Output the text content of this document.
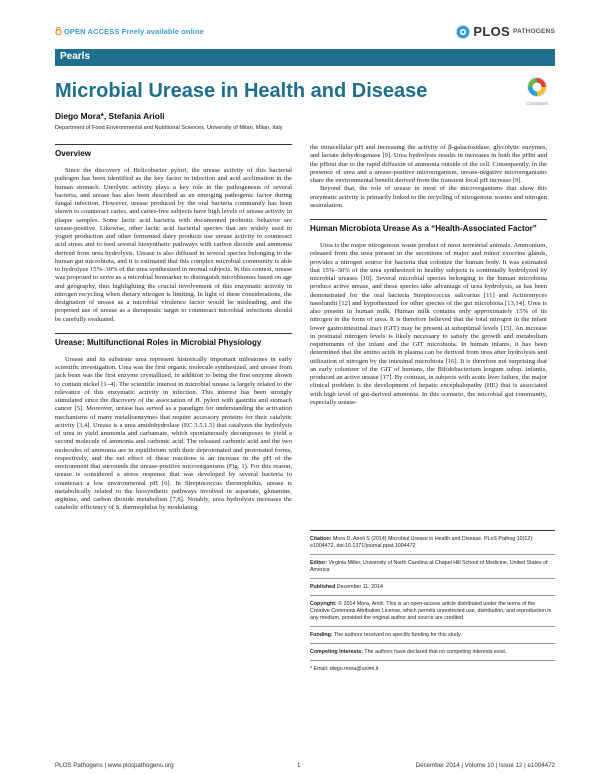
OPEN ACCESS Freely available online	PLOS PATHOGENS
Pearls
Microbial Urease in Health and Disease
CrossMark
Diego Mora*, Stefania Arioli
Department of Food Environmental and Nutritional Sciences, University of Milan, Milan, Italy
Overview

Since the discovery of Helicobacter pylori, the urease activity of this bacterial pathogen has been identified as the key factor in infection and acid acclimation in the human stomach. Ureolytic activity plays a key role in the pathogenesis of several bacteria, and urease has also been described as an emerging pathogenic factor during fungal infection. However, urease produced by the oral bacteria community has been shown to counteract caries, and caries-free subjects have high levels of urease activity in plaque samples. Some lactic acid bacteria with documented probiotic behavior are urease-positive. Likewise, other lactic acid bacterial species that are widely used in yogurt production and other fermented dairy products use urease activity to counteract acid stress and to feed several biosynthetic pathways with carbon dioxide and ammonia derived from urea hydrolysis. Urease is also diffused in several species belonging to the human gut microbiota, and it is estimated that this complex microbial community is able to hydrolyze 15%–30% of the urea synthesized in normal subjects. In this context, urease was proposed to serve as a microbial biomarker to distinguish microbiomes based on age and geography, thus highlighting the crucial involvement of this enzymatic activity in nitrogen recycling when dietary nitrogen is limiting. In light of these considerations, the designation of urease as a microbial virulence factor would be misleading, and the proposed use of urease as a therapeutic target to counteract microbial infections should be carefully evaluated.

Urease: Multifunctional Roles in Microbial Physiology

Urease and its substrate urea represent historically important milestones in early scientific investigation. Urea was the first organic molecule synthesized, and urease from jack bean was the first enzyme crystallized, in addition to being the first enzyme shown to contain nickel [1–4]. The scientific interest in microbial urease is largely related to the relevance of this enzymatic activity in infection. This interest has been strongly stimulated since the discovery of the association of H. pylori with gastritis and stomach cancer [5]. Moreover, urease has served as a paradigm for understanding the activation mechanisms of many metalloenzymes that require accessory proteins for their catalytic activity [3,4]. Urease is a urea amidohydrolase (EC 3.5.1.5) that catalyzes the hydrolysis of urea to yield ammonia and carbamate, which spontaneously decomposes to yield a second molecule of ammonia and carbonic acid. The released carbonic acid and the two molecules of ammonia are in equilibrium with their deprotonated and protonated forms, respectively, and the net effect of these reactions is an increase in the pH of the environment that surrounds the urease-positive microorganisms (Fig. 1). For this reason, urease is considered a stress response that was developed by several bacteria to counteract a low environmental pH [6]. In Streptococcus thermophilus, urease is metabolically related to the biosynthetic pathways involved in aspartate, glutamine, arginine, and carbon dioxide metabolism [7,8]. Notably, urea hydrolysis increases the catabolic efficiency of S. thermophilus by modulating

the intracellular pH and increasing the activity of β-galactosidase, glycolytic enzymes, and lactate dehydrogenase [9]. Urea hydrolysis results in increases in both the pHin and the pHout due to the rapid diffusion of ammonia outside of the cell. Consequently, in the presence of urea and a urease-positive microorganism, urease-negative microorganisms share the environmental benefit derived from the transient local pH increase [9].

Beyond that, the role of urease in most of the microorganisms that show this enzymatic activity is primarily linked to the recycling of nitrogenous wastes and nitrogen assimilation.

Human Microbiota Urease As a “Health-Associated Factor”

Urea is the major nitrogenous waste product of most terrestrial animals. Ammonium, released from the urea present in the secretions of major and minor exocrine glands, provides a nitrogen source for bacteria that colonize the human body. It was estimated that 15%–30% of the urea synthesized in healthy subjects is continually hydrolyzed by microbial ureases [10]. Several microbial species belonging to the human microbiota produce active urease, and these species take advantage of urea hydrolysis, as has been demonstrated for the oral bacteria Streptococcus salivarius [11] and Actinomyces naeslundii [12] and hypothesized for other species of the gut microbiota [13,14]. Urea is also present in human milk. Human milk contains only approximately 15% of its nitrogen in the form of urea. It is therefore believed that the total nitrogen in the infant lower gastrointestinal tract (GIT) may be present at suboptimal levels [15]. An increase in postnatal nitrogen levels is likely necessary to satisfy the growth and metabolism requirements of the infant and the GIT microbiota. In human infants, it has been determined that the amino acids in plasma can be derived from urea after hydrolysis and utilization of nitrogen by the intestinal microbiota [16]. It is therefore not surprising that an early colonizer of the GIT of humans, the Bifidobacterium longum subsp. infantis, produced an active urease [17]. By contrast, in subjects with acute liver failure, the major clinical problem is the development of hepatic encephalopathy (HE) that is associated with high level of gut-derived ammonia. In this scenario, the microbial gut community, especially urease-

Citation: Mora D, Arioli S (2014) Microbial Urease in Health and Disease. PLoS Pathog 10(12): e1004472. doi:10.1371/journal.ppat.1004472
Editor: Virginia Miller, University of North Carolina at Chapel Hill School of Medicine, United States of America
Published December 11, 2014
Copyright: © 2014 Mora, Arioli. This is an open-access article distributed under the terms of the Creative Commons Attribution License, which permits unrestricted use, distribution, and reproduction in any medium, provided the original author and source are credited.
Funding: The authors received no specific funding for this study.
Competing Interests: The authors have declared that no competing interests exist.
* Email: diego.mora@unimi.it
PLOS Pathogens | www.plospathogens.org	1	December 2014 | Volume 10 | Issue 12 | e1004472
